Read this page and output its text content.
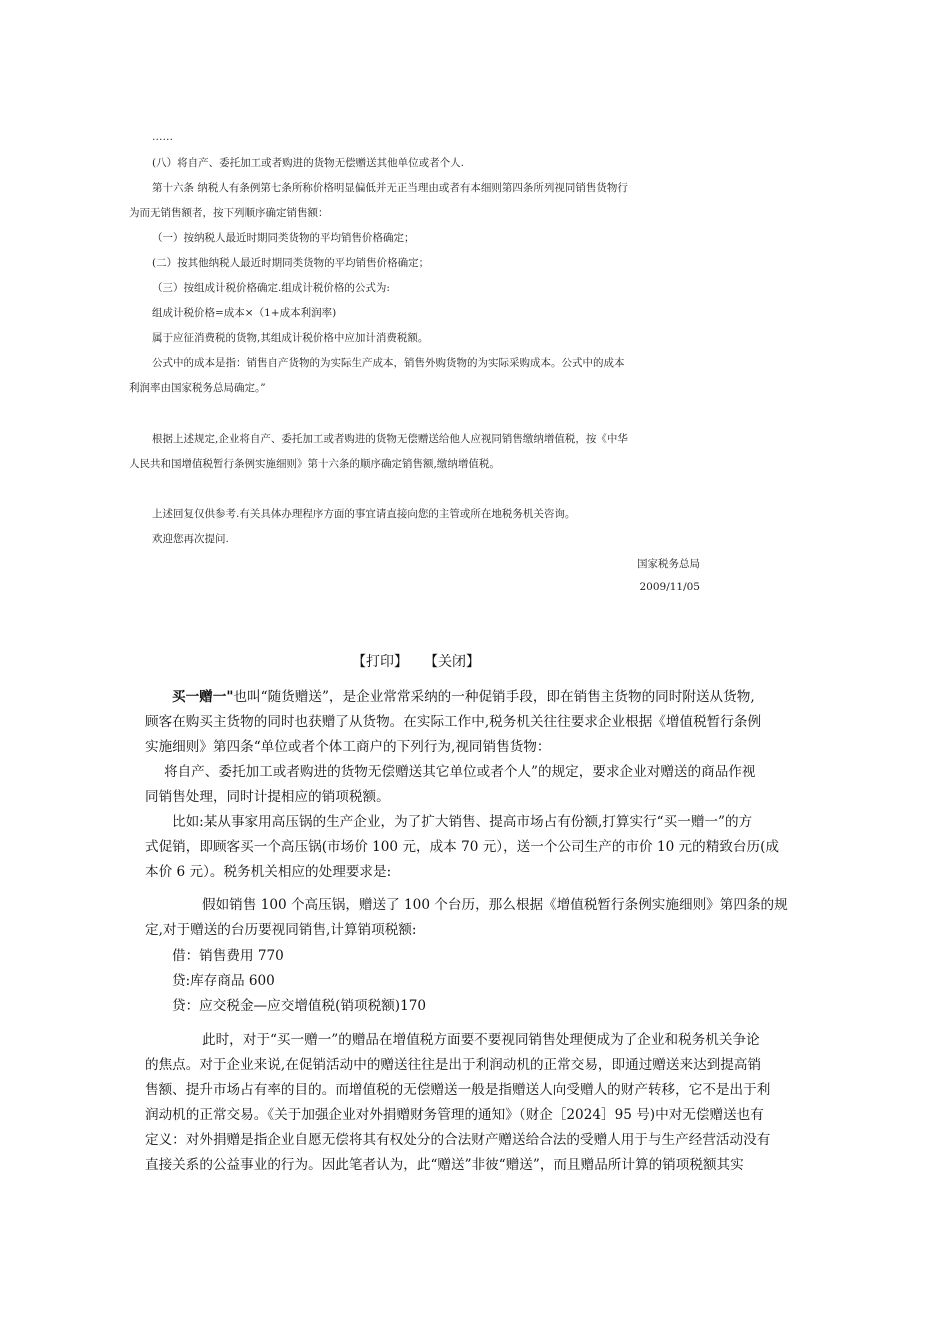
……
(八）将自产、委托加工或者购进的货物无偿赠送其他单位或者个人.
第十六条 纳税人有条例第七条所称价格明显偏低并无正当理由或者有本细则第四条所列视同销售货物行
为而无销售额者，按下列顺序确定销售额：
（一）按纳税人最近时期同类货物的平均销售价格确定；
(二）按其他纳税人最近时期同类货物的平均销售价格确定；
（三）按组成计税价格确定.组成计税价格的公式为:
组成计税价格=成本×（1+成本利润率)
属于应征消费税的货物,其组成计税价格中应加计消费税额。
公式中的成本是指：销售自产货物的为实际生产成本，销售外购货物的为实际采购成本。公式中的成本
利润率由国家税务总局确定。”
根据上述规定,企业将自产、委托加工或者购进的货物无偿赠送给他人应视同销售缴纳增值税，按《中华
人民共和国增值税暂行条例实施细则》第十六条的顺序确定销售额,缴纳增值税。
上述回复仅供参考.有关具体办理程序方面的事宜请直接向您的主管或所在地税务机关咨询。
欢迎您再次提问.
国家税务总局
2009/11/05
【打印】 【关闭】
买一赠一"也叫“随货赠送”，是企业常常采纳的一种促销手段，即在销售主货物的同时附送从货物,
顾客在购买主货物的同时也获赠了从货物。在实际工作中,税务机关往往要求企业根据《增值税暂行条例
实施细则》第四条“单位或者个体工商户的下列行为,视同销售货物：
将自产、委托加工或者购进的货物无偿赠送其它单位或者个人”的规定，要求企业对赠送的商品作视
同销售处理，同时计提相应的销项税额。
比如:某从事家用高压锅的生产企业，为了扩大销售、提高市场占有份额,打算实行“买一赠一”的方
式促销，即顾客买一个高压锅(市场价 100 元，成本 70 元），送一个公司生产的市价 10 元的精致台历(成
本价 6 元）。税务机关相应的处理要求是:
假如销售 100 个高压锅，赠送了 100 个台历，那么根据《增值税暂行条例实施细则》第四条的规
定,对于赠送的台历要视同销售,计算销项税额:
借：销售费用 770
贷:库存商品 600
贷：应交税金—应交增值税(销项税额)170
此时，对于“买一赠一”的赠品在增值税方面要不要视同销售处理便成为了企业和税务机关争论
的焦点。对于企业来说,在促销活动中的赠送往往是出于利润动机的正常交易，即通过赠送来达到提高销
售额、提升市场占有率的目的。而增值税的无偿赠送一般是指赠送人向受赠人的财产转移，它不是出于利
润动机的正常交易。《关于加强企业对外捐赠财务管理的通知》（财企［2024］95 号)中对无偿赠送也有
定义：对外捐赠是指企业自愿无偿将其有权处分的合法财产赠送给合法的受赠人用于与生产经营活动没有
直接关系的公益事业的行为。因此笔者认为，此“赠送”非彼“赠送”，而且赠品所计算的销项税额其实
